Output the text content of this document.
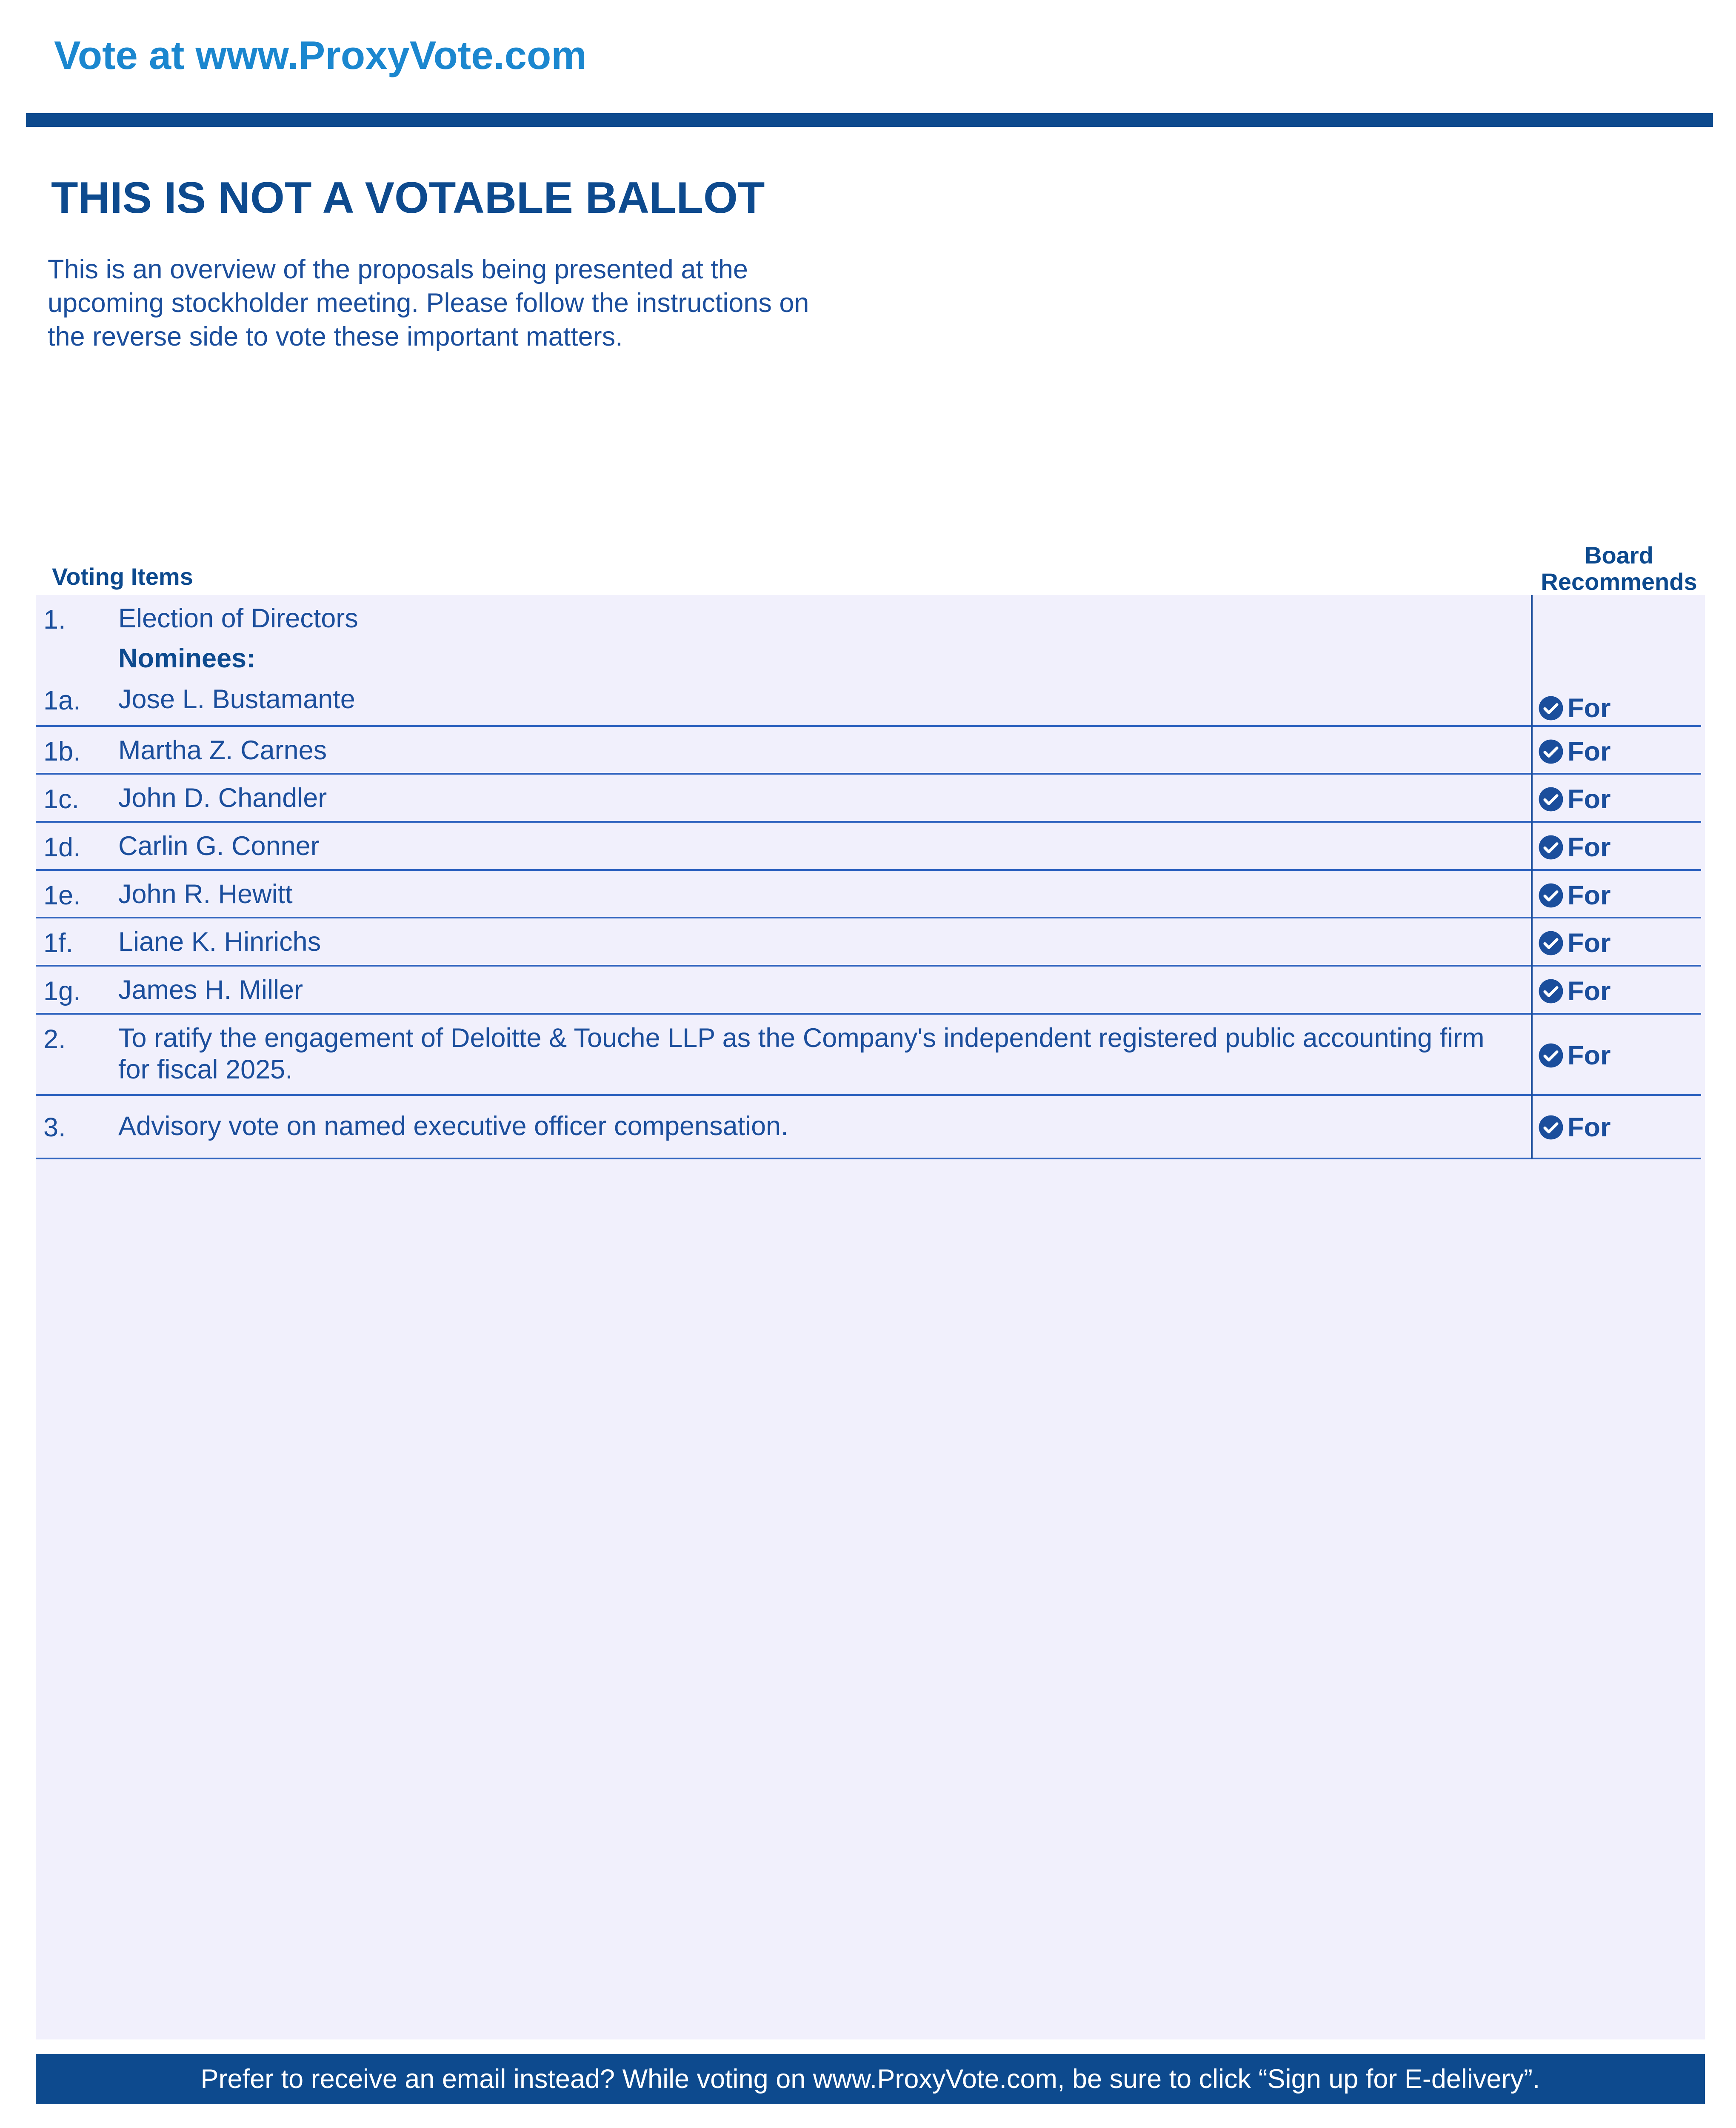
Vote at www.ProxyVote.com
THIS IS NOT A VOTABLE BALLOT
This is an overview of the proposals being presented at the
upcoming stockholder meeting. Please follow the instructions on
the reverse side to vote these important matters.
Voting Items
Board
Recommends
1. Election of Directors
Nominees:
1a. Jose L. Bustamante	For
1b. Martha Z. Carnes	For
1c. John D. Chandler	For
1d. Carlin G. Conner	For
1e. John R. Hewitt	For
1f. Liane K. Hinrichs	For
1g. James H. Miller	For
2. To ratify the engagement of Deloitte & Touche LLP as the Company's independent registered public accounting firm
for fiscal 2025.	For
3. Advisory vote on named executive officer compensation.	For
Prefer to receive an email instead? While voting on www.ProxyVote.com, be sure to click “Sign up for E-delivery”.
